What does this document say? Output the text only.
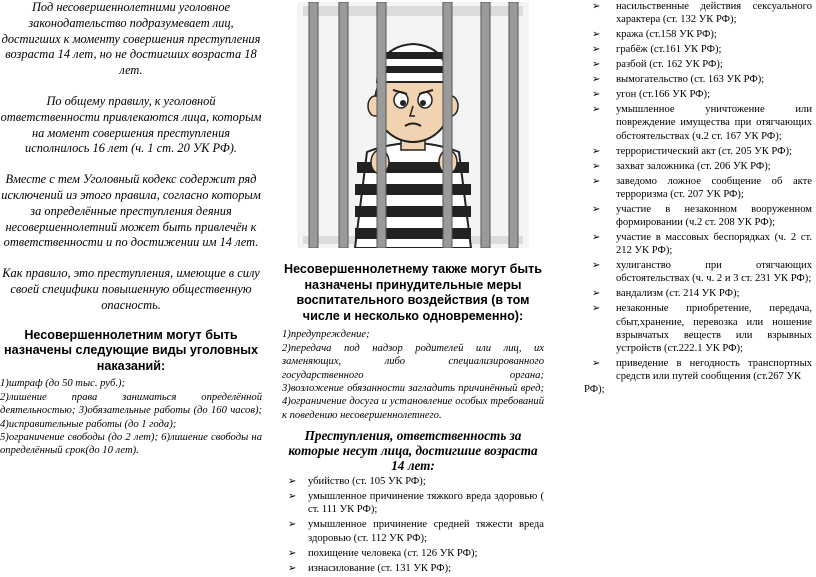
Под несовершеннолетними уголовное законодательство подразумевает лиц, достигших к моменту совершения преступления возраста 14 лет, но не достигших возраста 18 лет.

По общему правилу, к уголовной ответственности привлекаются лица, которым на момент совершения преступления исполнилось 16 лет (ч. 1 ст. 20 УК РФ).

Вместе с тем Уголовный кодекс содержит ряд исключений из этого правила, согласно которым за определённые преступления деяния несовершеннолетний может быть привлечён к ответственности и по достижении им 14 лет.

Как правило, это преступления, имеющие в силу своей специфики повышенную общественную опасность.

Несовершеннолетним могут быть назначены следующие виды уголовных наказаний:

1)штраф (до 50 тыс. руб.);

2)лишение права заниматься определённой деятельностью; 3)обязательные работы (до 160 часов);

4)исправительные работы (до 1 года);

5)ограничение свободы (до 2 лет); 6)лишение свободы на определённый срок(до 10 лет).

Несовершеннолетнему также могут быть назначены принудительные меры воспитательного воздействия (в том числе и несколько одновременно):

1)предупреждение;

2)передача под надзор родителей или лиц, их заменяющих, либо специализированного государственного органа;

3)возложение обязанности загладить причинённый вред; 4)ограничение досуга и установление особых требований к поведению несовершеннолетнего.

Преступления, ответственность за которые несут лица, достигшие возраста 14 лет:

➢ убийство (ст. 105 УК РФ);
➢ умышленное причинение тяжкого вреда здоровью ( ст. 111 УК РФ);
➢ умышленное причинение средней тяжести вреда здоровью (ст. 112 УК РФ);
➢ похищение человека (ст. 126 УК РФ);
➢ изнасилование (ст. 131 УК РФ);
➢ насильственные действия сексуального характера (ст. 132 УК РФ);
➢ кража (ст.158 УК РФ);
➢ грабёж (ст.161 УК РФ);
➢ разбой (ст. 162 УК РФ);
➢ вымогательство (ст. 163 УК РФ);
➢ угон (ст.166 УК РФ);
➢ умышленное уничтожение или повреждение имущества при отягчающих обстоятельствах (ч.2 ст. 167 УК РФ);
➢ террористический акт (ст. 205 УК РФ);
➢ захват заложника (ст. 206 УК РФ);
➢ заведомо ложное сообщение об акте терроризма (ст. 207 УК РФ);
➢ участие в незаконном вооруженном формировании (ч.2 ст. 208 УК РФ);
➢ участие в массовых беспорядках (ч. 2 ст. 212 УК РФ);
➢ хулиганство при отягчающих обстоятельствах (ч. ч. 2 и 3 ст. 231 УК РФ);
➢ вандализм (ст. 214 УК РФ);
➢ незаконные приобретение, передача, сбыт,хранение, перевозка или ношение взрывчатых веществ или взрывных устройств (ст.222.1 УК РФ);
➢ приведение в негодность транспортных средств или путей сообщения (ст.267 УК
РФ);
